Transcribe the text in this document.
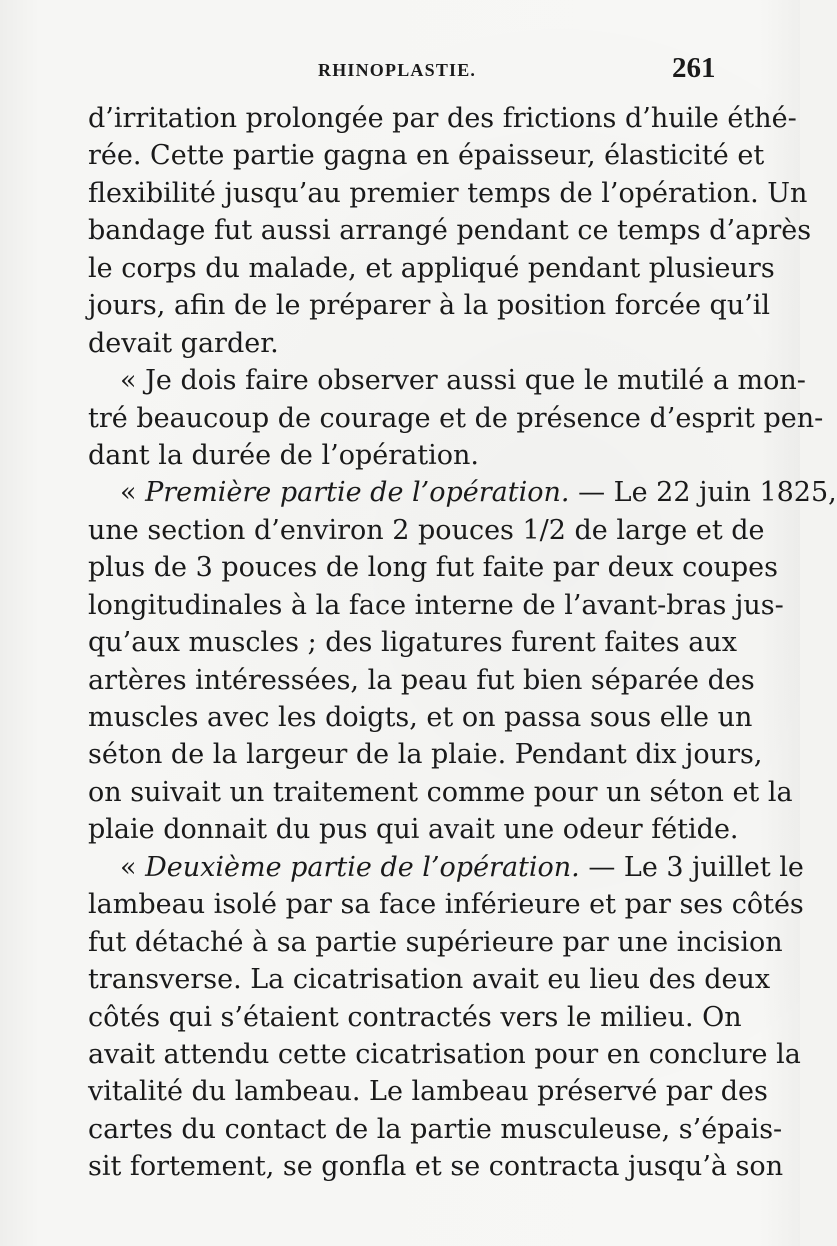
RHINOPLASTIE.	261
d’irritation prolongée par des frictions d’huile éthé-
rée. Cette partie gagna en épaisseur, élasticité et
flexibilité jusqu’au premier temps de l’opération. Un
bandage fut aussi arrangé pendant ce temps d’après
le corps du malade, et appliqué pendant plusieurs
jours, afin de le préparer à la position forcée qu’il
devait garder.
« Je dois faire observer aussi que le mutilé a mon-
tré beaucoup de courage et de présence d’esprit pen-
dant la durée de l’opération.
« Première partie de l’opération. — Le 22 juin 1825,
une section d’environ 2 pouces 1/2 de large et de
plus de 3 pouces de long fut faite par deux coupes
longitudinales à la face interne de l’avant-bras jus-
qu’aux muscles ; des ligatures furent faites aux
artères intéressées, la peau fut bien séparée des
muscles avec les doigts, et on passa sous elle un
séton de la largeur de la plaie. Pendant dix jours,
on suivait un traitement comme pour un séton et la
plaie donnait du pus qui avait une odeur fétide.
« Deuxième partie de l’opération. — Le 3 juillet le
lambeau isolé par sa face inférieure et par ses côtés
fut détaché à sa partie supérieure par une incision
transverse. La cicatrisation avait eu lieu des deux
côtés qui s’étaient contractés vers le milieu. On
avait attendu cette cicatrisation pour en conclure la
vitalité du lambeau. Le lambeau préservé par des
cartes du contact de la partie musculeuse, s’épais-
sit fortement, se gonfla et se contracta jusqu’à son
